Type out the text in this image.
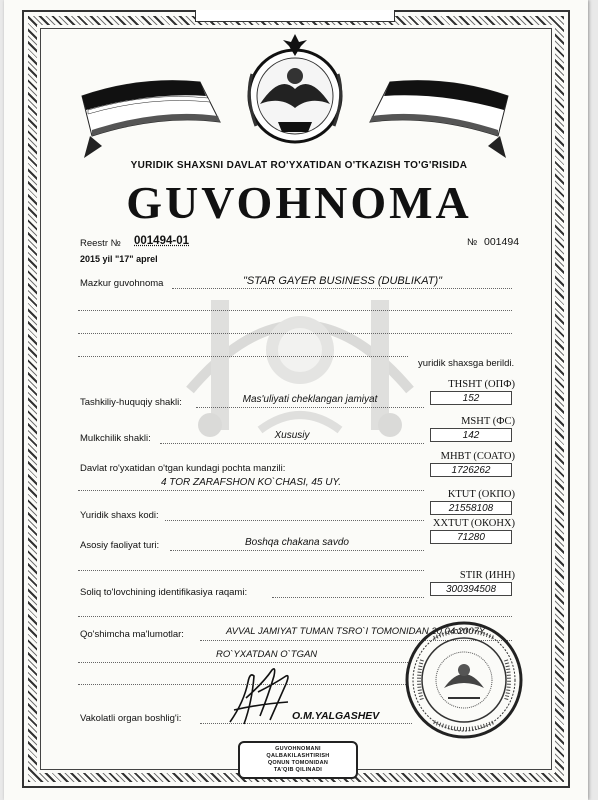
YURIDIK SHAXSNI DAVLAT RO'YXATIDAN O'TKAZISH TO'G'RISIDA
GUVOHNOMA
Reestr № 001494-01	№ 001494
2015 yil "17" aprel
Mazkur guvohnoma	"STAR GAYER BUSINESS (DUBLIKAT)"
yuridik shaxsga berildi.
THSHT (ОПФ)
152
MSHT (ФС)
142
MHBT (СОАТО)
1726262
KTUT (ОКПО)
21558108
XXTUT (ОКОНХ)
71280
STIR (ИНН)
300394508
Tashkiliy-huquqiy shakli:	Mas'uliyati cheklangan jamiyat
Mulkchilik shakli:	Xususiy
Davlat ro'yxatidan o'tgan kundagi pochta manzili:
4 TOR ZARAFSHON KO`CHASI, 45 UY.
Yuridik shaxs kodi:
Asosiy faoliyat turi:	Boshqa chakana savdo
Soliq to'lovchining identifikasiya raqami:
Qo'shimcha ma'lumotlar:	AVVAL JAMIYAT TUMAN TSRO`I TOMONIDAN 20.04.2007Y
RO`YXATDAN O`TGAN
Vakolatli organ boshlig'i:	O.M.YALGASHEV
GUVOHNOMANI
QALBAKILASHTIRISH
QONUN TOMONIDAN
TA'QIB QILINADI
